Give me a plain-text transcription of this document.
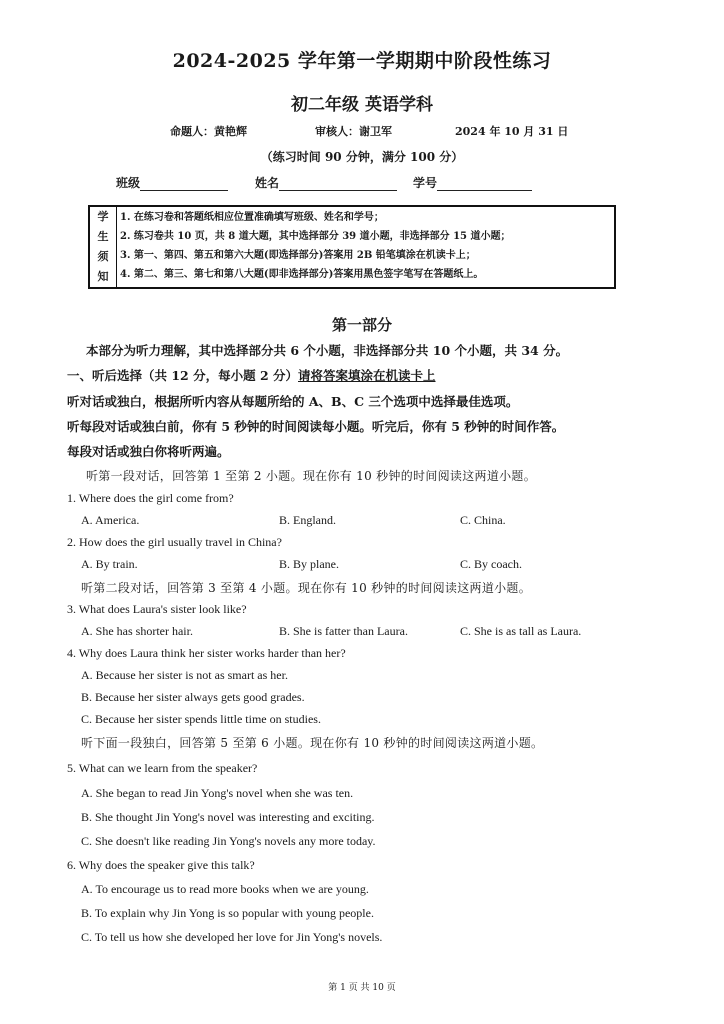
2024-2025 学年第一学期期中阶段性练习
初二年级 英语学科
命题人：黄艳辉	审核人：谢卫军	2024 年 10 月 31 日
（练习时间 90 分钟，满分 100 分）
班级	姓名	学号
学
生
须
知
1. 在练习卷和答题纸相应位置准确填写班级、姓名和学号；
2. 练习卷共 10 页，共 8 道大题，其中选择部分 39 道小题，非选择部分 15 道小题；
3. 第一、第四、第五和第六大题(即选择部分)答案用 2B 铅笔填涂在机读卡上；
4. 第二、第三、第七和第八大题(即非选择部分)答案用黑色签字笔写在答题纸上。
第一部分
本部分为听力理解，其中选择部分共 6 个小题，非选择部分共 10 个小题，共 34 分。
一、听后选择（共 12 分，每小题 2 分）请将答案填涂在机读卡上
听对话或独白，根据所听内容从每题所给的 A、B、C 三个选项中选择最佳选项。
听每段对话或独白前，你有 5 秒钟的时间阅读每小题。听完后，你有 5 秒钟的时间作答。
每段对话或独白你将听两遍。
听第一段对话，回答第 1 至第 2 小题。现在你有 10 秒钟的时间阅读这两道小题。
1. Where does the girl come from?
A. America.	B. England.	C. China.
2. How does the girl usually travel in China?
A. By train.	B. By plane.	C. By coach.
听第二段对话，回答第 3 至第 4 小题。现在你有 10 秒钟的时间阅读这两道小题。
3. What does Laura's sister look like?
A. She has shorter hair.	B. She is fatter than Laura.	C. She is as tall as Laura.
4. Why does Laura think her sister works harder than her?
A. Because her sister is not as smart as her.
B. Because her sister always gets good grades.
C. Because her sister spends little time on studies.
听下面一段独白，回答第 5 至第 6 小题。现在你有 10 秒钟的时间阅读这两道小题。
5. What can we learn from the speaker?
A. She began to read Jin Yong's novel when she was ten.
B. She thought Jin Yong's novel was interesting and exciting.
C. She doesn't like reading Jin Yong's novels any more today.
6. Why does the speaker give this talk?
A. To encourage us to read more books when we are young.
B. To explain why Jin Yong is so popular with young people.
C. To tell us how she developed her love for Jin Yong's novels.
第 1 页 共 10 页
